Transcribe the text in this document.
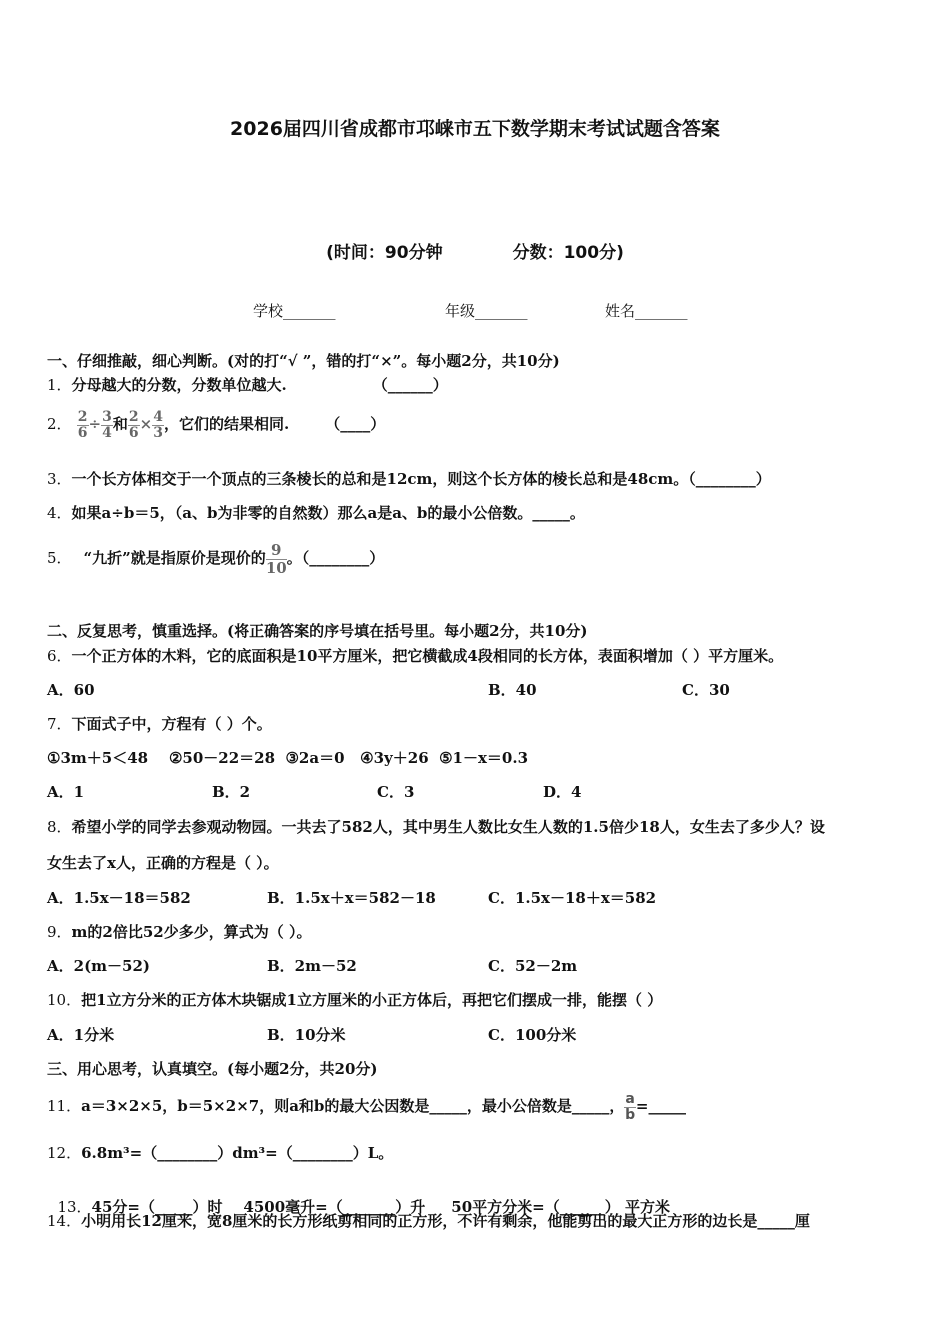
2026届四川省成都市邛崃市五下数学期末考试试题含答案
(时间：90分钟	分数：100分)
学校_______	年级_______	姓名_______
一、仔细推敲，细心判断。(对的打“√ ”，错的打“×”。每小题2分，共10分)
1．分母越大的分数，分数单位越大.	（______）
2． $\frac{2}{6} \div \frac{3}{4}$ 和 $\frac{2}{6} \times \frac{4}{3}$ ，它们的结果相同. （____）
3．一个长方体相交于一个顶点的三条棱长的总和是12cm，则这个长方体的棱长总和是48cm。（________）
4．如果a÷b＝5，（a、b为非零的自然数）那么a是a、b的最小公倍数。_____。
5． “九折”就是指原价是现价的 $\frac{9}{10}$ 。（________）
二、反复思考，慎重选择。(将正确答案的序号填在括号里。每小题2分，共10分)
6．一个正方体的木料，它的底面积是10平方厘米，把它横截成4段相同的长方体，表面积增加（ ）平方厘米。
A．60	B．40	C．30
7．下面式子中，方程有（ ）个。
①3m＋5＜48    ②50－22＝28  ③2a＝0   ④3y＋26  ⑤1－x＝0.3
A．1	B．2	C．3	D．4
8．希望小学的同学去参观动物园。一共去了582人，其中男生人数比女生人数的1.5倍少18人，女生去了多少人？设
女生去了x人，正确的方程是（ ）。
A．1.5x－18＝582	B．1.5x＋x＝582－18	C．1.5x－18＋x＝582
9．m的2倍比52少多少，算式为（ ）。
A．2(m－52)	B．2m－52	C．52－2m
10．把1立方分米的正方体木块锯成1立方厘米的小正方体后，再把它们摆成一排，能摆（ ）
A．1分米	B．10分米	C．100分米
三、用心思考，认真填空。(每小题2分，共20分)
11．a＝3×2×5，b＝5×2×7，则a和b的最大公因数是_____，最小公倍数是_____， $\frac{a}{b}$ =_____
12．6.8m³=（________）dm³=（________）L。

13．45分=（_____）时    4500毫升=（_______）升     50平方分米=（______） 平方米

14．小明用长12厘米，宽8厘米的长方形纸剪相同的正方形，不许有剩余，他能剪出的最大正方形的边长是_____厘
